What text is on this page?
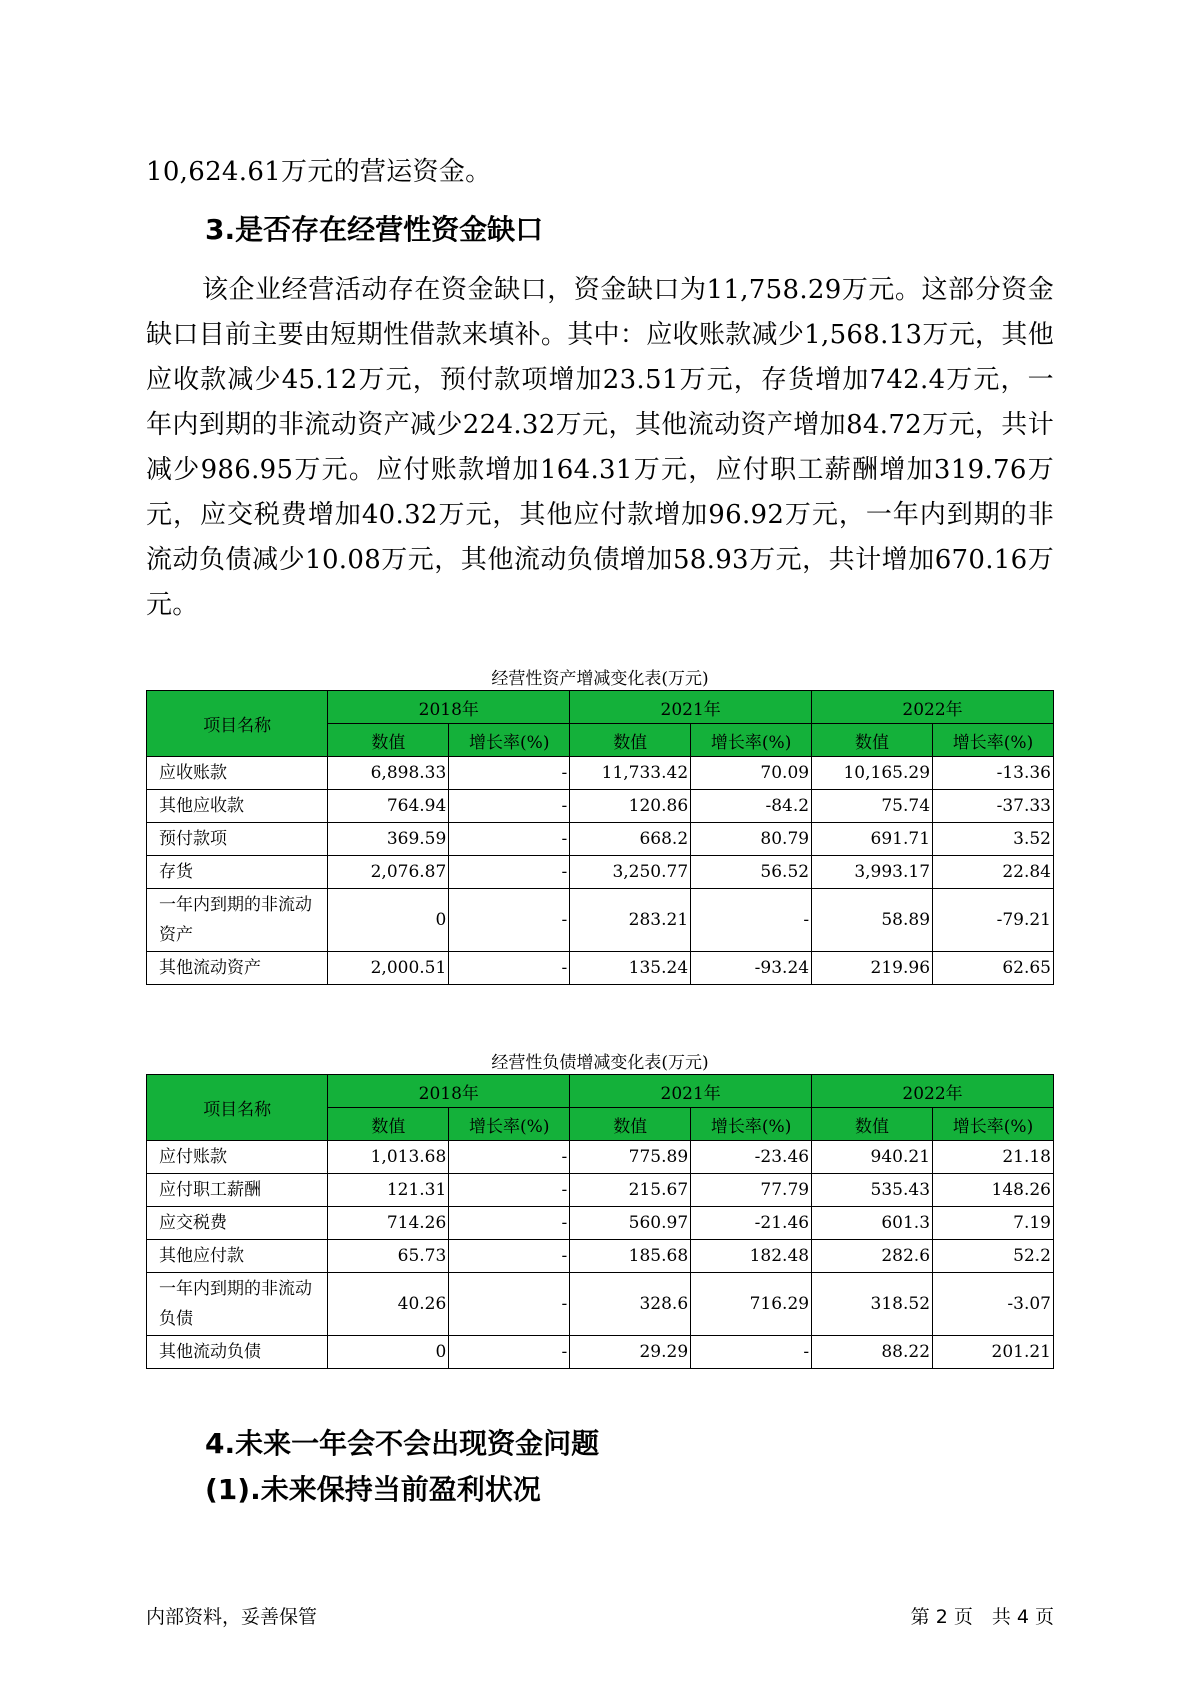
10,624.61万元的营运资金。
3.是否存在经营性资金缺口
该企业经营活动存在资金缺口，资金缺口为11,758.29万元。这部分资金缺口目前主要由短期性借款来填补。其中：应收账款减少1,568.13万元，其他应收款减少45.12万元，预付款项增加23.51万元，存货增加742.4万元，一年内到期的非流动资产减少224.32万元，其他流动资产增加84.72万元，共计减少986.95万元。应付账款增加164.31万元，应付职工薪酬增加319.76万元，应交税费增加40.32万元，其他应付款增加96.92万元，一年内到期的非流动负债减少10.08万元，其他流动负债增加58.93万元，共计增加670.16万元。
经营性资产增减变化表(万元)
项目名称	2018年		2021年		2022年	
	数值	增长率(%)	数值	增长率(%)	数值	增长率(%)
应收账款	6,898.33	-	11,733.42	70.09	10,165.29	-13.36
其他应收款	764.94	-	120.86	-84.2	75.74	-37.33
预付款项	369.59	-	668.2	80.79	691.71	3.52
存货	2,076.87	-	3,250.77	56.52	3,993.17	22.84
一年内到期的非流动资产	0	-	283.21	-	58.89	-79.21
其他流动资产	2,000.51	-	135.24	-93.24	219.96	62.65
经营性负债增减变化表(万元)
项目名称	2018年		2021年		2022年	
	数值	增长率(%)	数值	增长率(%)	数值	增长率(%)
应付账款	1,013.68	-	775.89	-23.46	940.21	21.18
应付职工薪酬	121.31	-	215.67	77.79	535.43	148.26
应交税费	714.26	-	560.97	-21.46	601.3	7.19
其他应付款	65.73	-	185.68	182.48	282.6	52.2
一年内到期的非流动负债	40.26	-	328.6	716.29	318.52	-3.07
其他流动负债	0	-	29.29	-	88.22	201.21
4.未来一年会不会出现资金问题
(1).未来保持当前盈利状况
内部资料，妥善保管	第 2 页　共 4 页
